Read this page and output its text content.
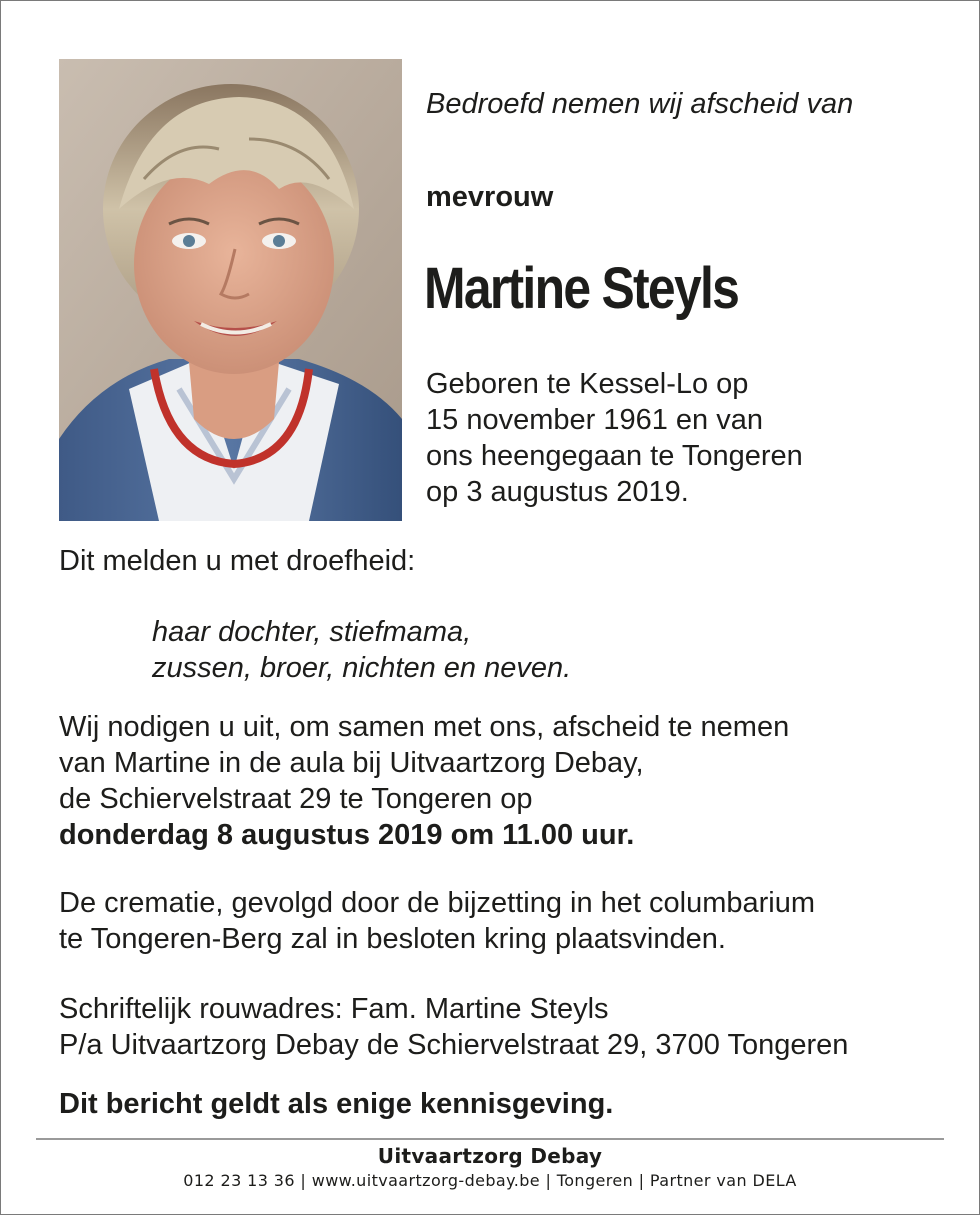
Bedroefd nemen wij afscheid van
mevrouw
Martine Steyls
Geboren te Kessel-Lo op
15 november 1961 en van
ons heengegaan te Tongeren
op 3 augustus 2019.
Dit melden u met droefheid:
haar dochter, stiefmama,
zussen, broer, nichten en neven.
Wij nodigen u uit, om samen met ons, afscheid te nemen
van Martine in de aula bij Uitvaartzorg Debay,
de Schiervelstraat 29 te Tongeren op
donderdag 8 augustus 2019 om 11.00 uur.
De crematie, gevolgd door de bijzetting in het columbarium
te Tongeren-Berg zal in besloten kring plaatsvinden.
Schriftelijk rouwadres: Fam. Martine Steyls
P/a Uitvaartzorg Debay de Schiervelstraat 29, 3700 Tongeren
Dit bericht geldt als enige kennisgeving.
Uitvaartzorg Debay
012 23 13 36 | www.uitvaartzorg-debay.be | Tongeren | Partner van DELA
